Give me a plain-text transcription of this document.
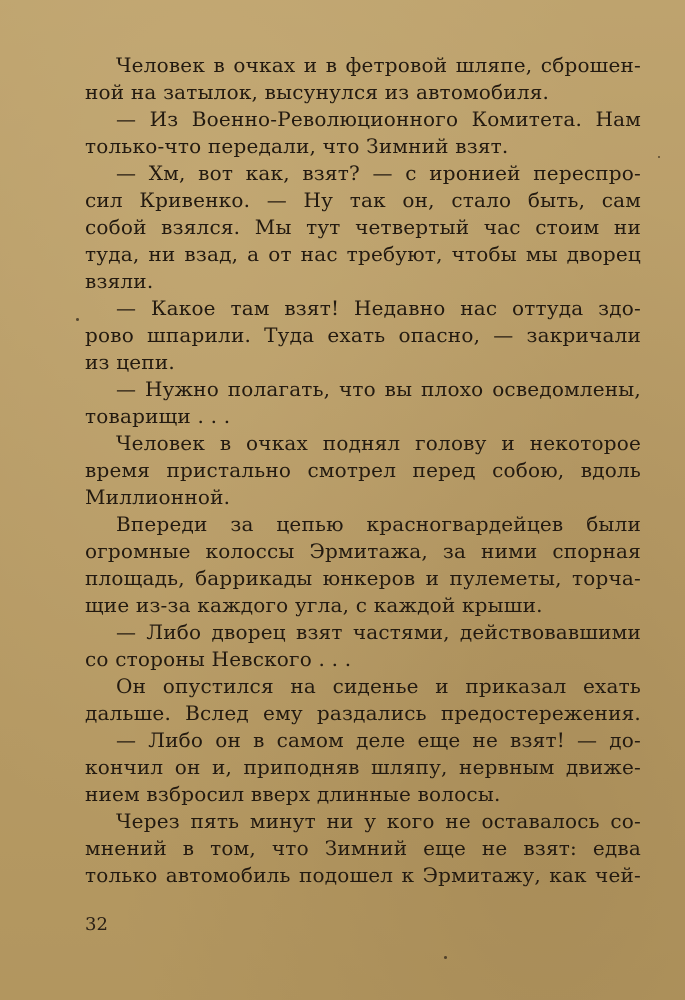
Человек в очках и в фетровой шляпе, сброшен-
ной на затылок, высунулся из автомобиля.
— Из Военно-Революционного Комитета. Нам
только-что передали, что Зимний взят.
— Хм, вот как, взят? — с иронией переспро-
сил Кривенко. — Ну так он, стало быть, сам
собой взялся. Мы тут четвертый час стоим ни
туда, ни взад, а от нас требуют, чтобы мы дворец
взяли.
— Какое там взят! Недавно нас оттуда здо-
рово шпарили. Туда ехать опасно, — закричали
из цепи.
— Нужно полагать, что вы плохо осведомлены,
товарищи . . .
Человек в очках поднял голову и некоторое
время пристально смотрел перед собою, вдоль
Миллионной.
Впереди за цепью красногвардейцев были
огромные колоссы Эрмитажа, за ними спорная
площадь, баррикады юнкеров и пулеметы, торча-
щие из-за каждого угла, с каждой крыши.
— Либо дворец взят частями, действовавшими
со стороны Невского . . .
Он опустился на сиденье и приказал ехать
дальше. Вслед ему раздались предостережения.
— Либо он в самом деле еще не взят! — до-
кончил он и, приподняв шляпу, нервным движе-
нием взбросил вверх длинные волосы.
Через пять минут ни у кого не оставалось со-
мнений в том, что Зимний еще не взят: едва
только автомобиль подошел к Эрмитажу, как чей-
32
